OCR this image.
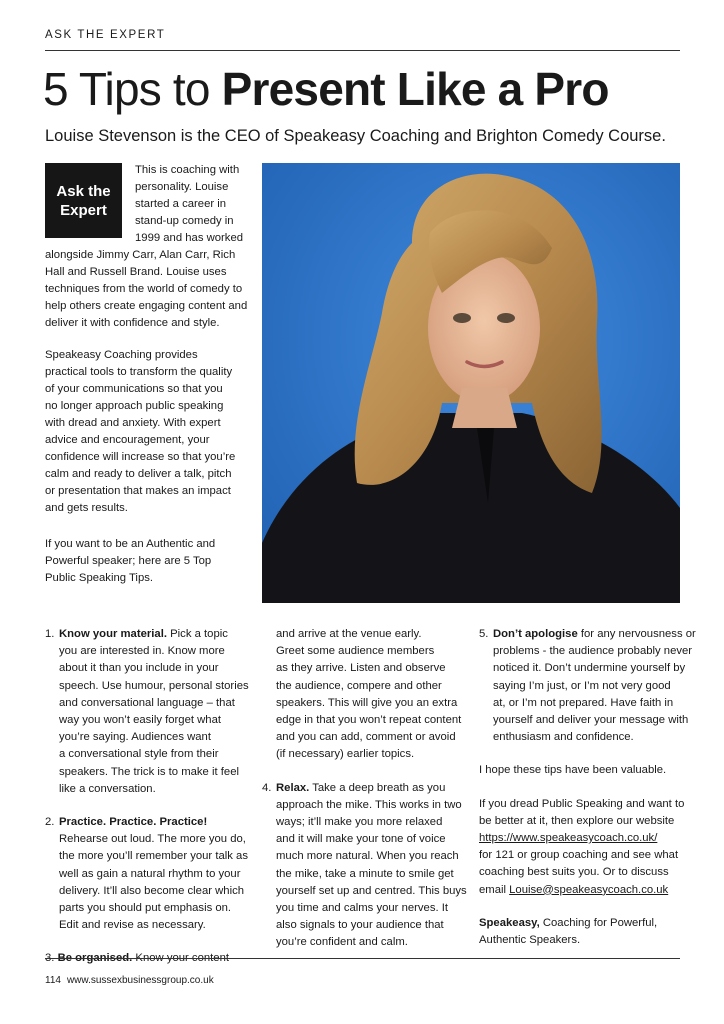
ASK THE EXPERT
5 Tips to Present Like a Pro
Louise Stevenson is the CEO of Speakeasy Coaching and Brighton Comedy Course.
Ask the
Expert
This is coaching with
personality. Louise
started a career in
stand-up comedy in
1999 and has worked
alongside Jimmy Carr, Alan Carr, Rich
Hall and Russell Brand. Louise uses
techniques from the world of comedy to
help others create engaging content and
deliver it with confidence and style.
Speakeasy Coaching provides
practical tools to transform the quality
of your communications so that you
no longer approach public speaking
with dread and anxiety. With expert
advice and encouragement, your
confidence will increase so that you’re
calm and ready to deliver a talk, pitch
or presentation that makes an impact
and gets results.
If you want to be an Authentic and
Powerful speaker; here are 5 Top
Public Speaking Tips.

1. Know your material. Pick a topic

you are interested in. Know more

about it than you include in your

speech. Use humour, personal stories

and conversational language – that

way you won’t easily forget what

you’re saying. Audiences want

a conversational style from their

speakers. The trick is to make it feel

like a conversation.

2. Practice. Practice. Practice!

Rehearse out loud. The more you do,

the more you’ll remember your talk as

well as gain a natural rhythm to your

delivery. It’ll also become clear which

parts you should put emphasis on.

Edit and revise as necessary.

3. Be organised. Know your content

and arrive at the venue early.

Greet some audience members

as they arrive. Listen and observe

the audience, compere and other

speakers. This will give you an extra

edge in that you won’t repeat content

and you can add, comment or avoid

(if necessary) earlier topics.

4. Relax. Take a deep breath as you

approach the mike. This works in two

ways; it’ll make you more relaxed

and it will make your tone of voice

much more natural. When you reach

the mike, take a minute to smile get

yourself set up and centred. This buys

you time and calms your nerves. It

also signals to your audience that

you’re confident and calm.

5. Don’t apologise for any nervousness or

problems - the audience probably never

noticed it. Don’t undermine yourself by

saying I’m just, or I’m not very good

at, or I’m not prepared. Have faith in

yourself and deliver your message with

enthusiasm and confidence.

I hope these tips have been valuable.

If you dread Public Speaking and want to

be better at it, then explore our website

https://www.speakeasycoach.co.uk/

for 121 or group coaching and see what

coaching best suits you. Or to discuss

email Louise@speakeasycoach.co.uk

Speakeasy, Coaching for Powerful,

Authentic Speakers.

114 www.sussexbusinessgroup.co.uk
